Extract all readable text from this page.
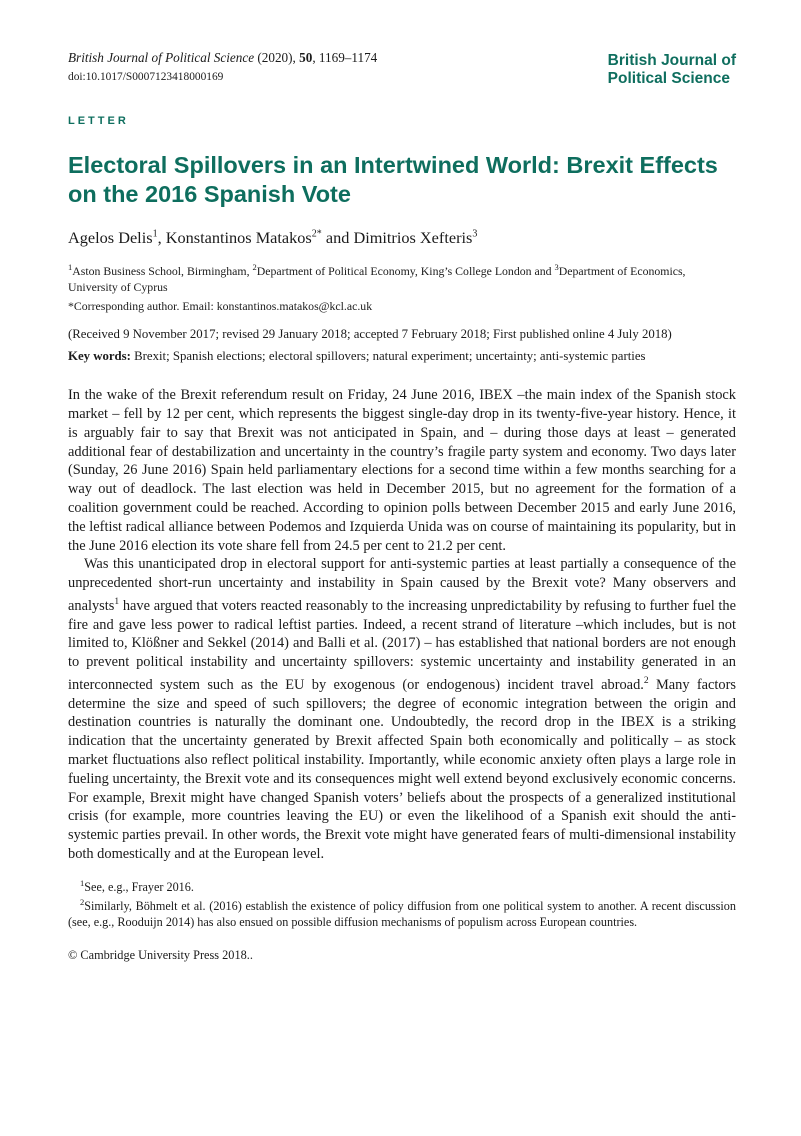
British Journal of Political Science (2020), 50, 1169–1174
doi:10.1017/S0007123418000169
British Journal of
Political Science
LETTER
Electoral Spillovers in an Intertwined World: Brexit Effects on the 2016 Spanish Vote
Agelos Delis$^1$, Konstantinos Matakos$^{2*}$ and Dimitrios Xefteris$^3$
$^1$Aston Business School, Birmingham, $^2$Department of Political Economy, King’s College London and $^3$Department of Economics, University of Cyprus
*Corresponding author. Email: konstantinos.matakos@kcl.ac.uk
(Received 9 November 2017; revised 29 January 2018; accepted 7 February 2018; First published online 4 July 2018)
Key words: Brexit; Spanish elections; electoral spillovers; natural experiment; uncertainty; anti-systemic parties

In the wake of the Brexit referendum result on Friday, 24 June 2016, IBEX –the main index of the Spanish stock market – fell by 12 per cent, which represents the biggest single-day drop in its twenty-five-year history. Hence, it is arguably fair to say that Brexit was not anticipated in Spain, and – during those days at least – generated additional fear of destabilization and uncertainty in the country’s fragile party system and economy. Two days later (Sunday, 26 June 2016) Spain held parliamentary elections for a second time within a few months searching for a way out of deadlock. The last election was held in December 2015, but no agreement for the formation of a coalition government could be reached. According to opinion polls between December 2015 and early June 2016, the leftist radical alliance between Podemos and Izquierda Unida was on course of maintaining its popularity, but in the June 2016 election its vote share fell from 24.5 per cent to 21.2 per cent.

Was this unanticipated drop in electoral support for anti-systemic parties at least partially a consequence of the unprecedented short-run uncertainty and instability in Spain caused by the Brexit vote? Many observers and analysts$^1$ have argued that voters reacted reasonably to the increasing unpredictability by refusing to further fuel the fire and gave less power to radical leftist parties. Indeed, a recent strand of literature –which includes, but is not limited to, Klößner and Sekkel (2014) and Balli et al. (2017) – has established that national borders are not enough to prevent political instability and uncertainty spillovers: systemic uncertainty and instability generated in an interconnected system such as the EU by exogenous (or endogenous) incident travel abroad.$^2$ Many factors determine the size and speed of such spillovers; the degree of economic integration between the origin and destination countries is naturally the dominant one. Undoubtedly, the record drop in the IBEX is a striking indication that the uncertainty generated by Brexit affected Spain both economically and politically – as stock market fluctuations also reflect political instability. Importantly, while economic anxiety often plays a large role in fueling uncertainty, the Brexit vote and its consequences might well extend beyond exclusively economic concerns. For example, Brexit might have changed Spanish voters’ beliefs about the prospects of a generalized institutional crisis (for example, more countries leaving the EU) or even the likelihood of a Spanish exit should the anti-systemic parties prevail. In other words, the Brexit vote might have generated fears of multi-dimensional instability both domestically and at the European level.

$^1$See, e.g., Frayer 2016.

$^2$Similarly, Böhmelt et al. (2016) establish the existence of policy diffusion from one political system to another. A recent discussion (see, e.g., Rooduijn 2014) has also ensued on possible diffusion mechanisms of populism across European countries.

© Cambridge University Press 2018..
